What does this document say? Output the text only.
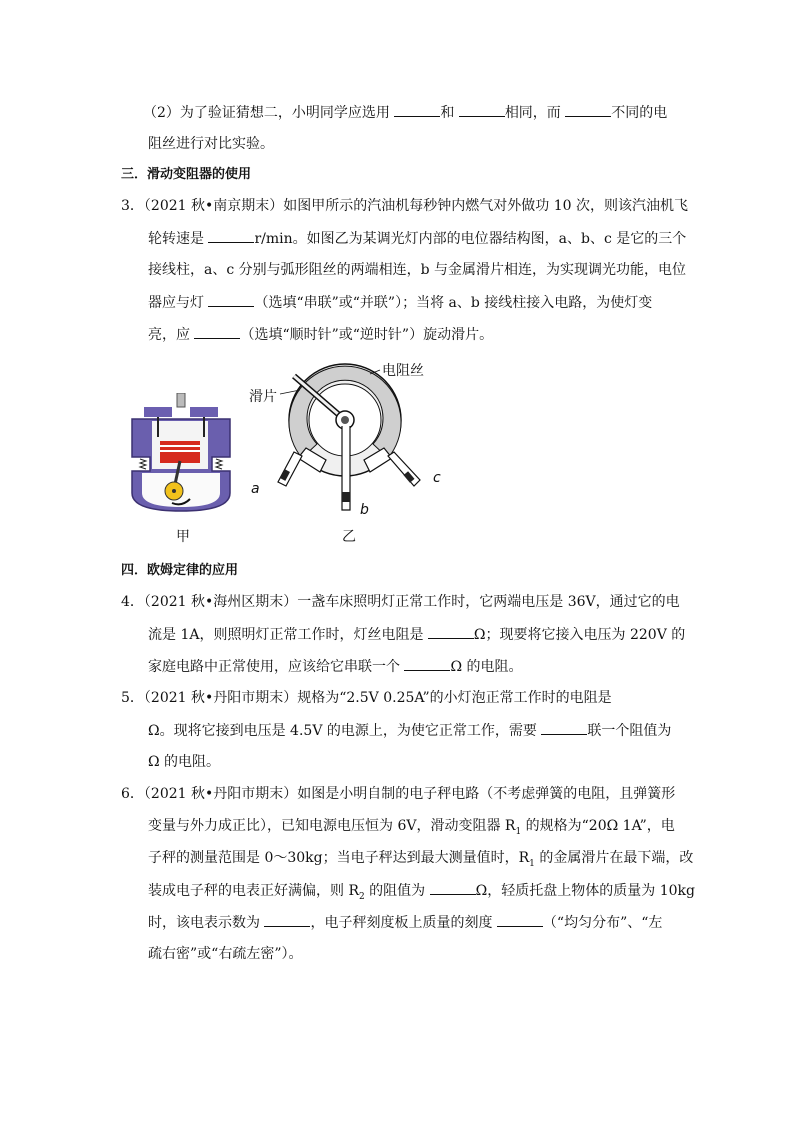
（2）为了验证猜想二，小明同学应选用	和	相同，而	不同的电
阻丝进行对比实验。
三．滑动变阻器的使用
3．（2021 秋•南京期末）如图甲所示的汽油机每秒钟内燃气对外做功 10 次，则该汽油机飞
轮转速是	r/min。如图乙为某调光灯内部的电位器结构图，a、b、c 是它的三个
接线柱，a、c 分别与弧形阻丝的两端相连，b 与金属滑片相连，为实现调光功能，电位
器应与灯	（选填“串联”或“并联”）；当将 a、b 接线柱接入电路，为使灯变
亮，应	（选填“顺时针”或“逆时针”）旋动滑片。
甲
电阻丝
滑片
a
b
c
乙
四．欧姆定律的应用
4．（2021 秋•海州区期末）一盏车床照明灯正常工作时，它两端电压是 36V，通过它的电
流是 1A，则照明灯正常工作时，灯丝电阻是	Ω；现要将它接入电压为 220V 的
家庭电路中正常使用，应该给它串联一个	Ω 的电阻。
5．（2021 秋•丹阳市期末）规格为“2.5V 0.25A”的小灯泡正常工作时的电阻是
Ω。现将它接到电压是 4.5V 的电源上，为使它正常工作，需要	联一个阻值为
Ω 的电阻。
6．（2021 秋•丹阳市期末）如图是小明自制的电子秤电路（不考虑弹簧的电阻，且弹簧形
变量与外力成正比），已知电源电压恒为 6V，滑动变阻器 $R_1$ 的规格为“20Ω 1A”，电
子秤的测量范围是 0～30kg；当电子秤达到最大测量值时，$R_1$ 的金属滑片在最下端，改
装成电子秤的电表正好满偏，则 $R_2$ 的阻值为	Ω，轻质托盘上物体的质量为 10kg
时，该电表示数为	，电子秤刻度板上质量的刻度	（“均匀分布”、“左
疏右密”或“右疏左密”）。
